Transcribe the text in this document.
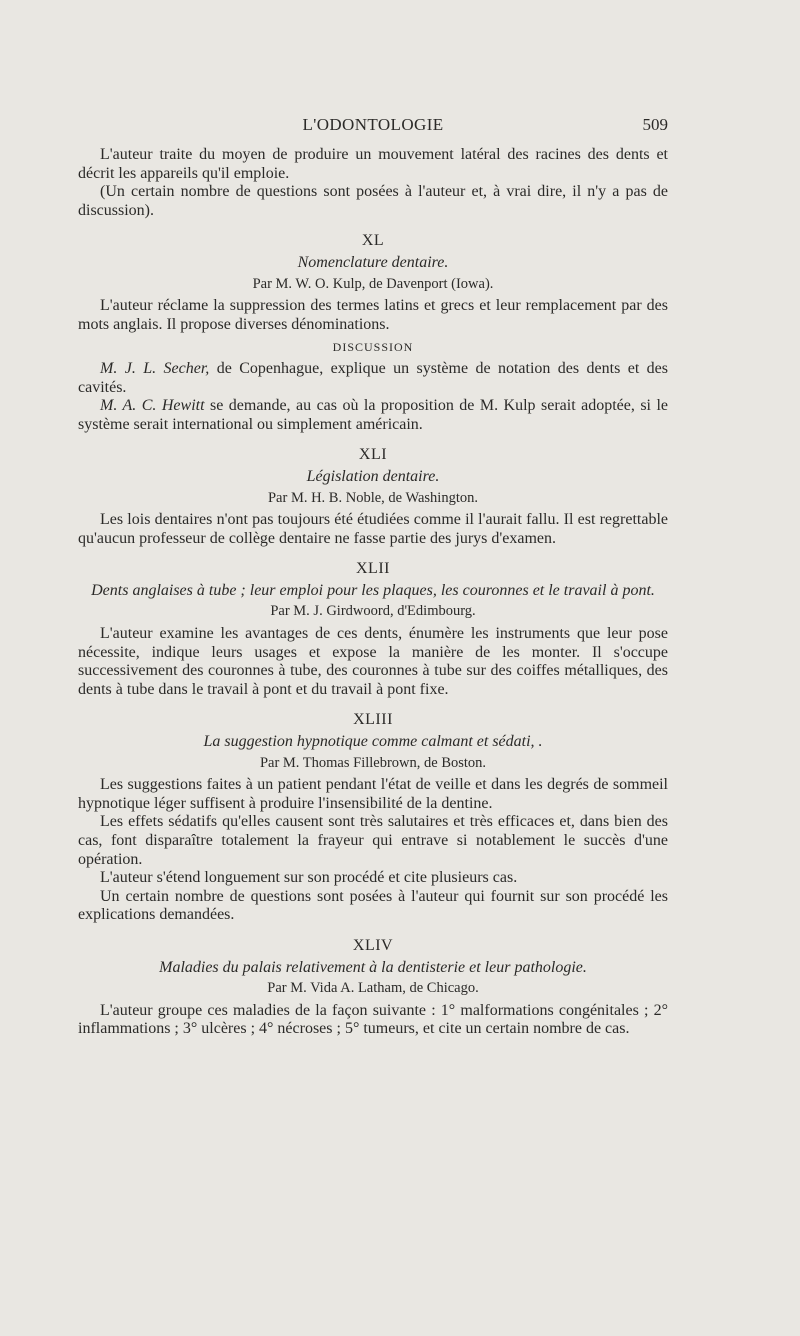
L'ODONTOLOGIE	509

L'auteur traite du moyen de produire un mouvement latéral des racines des dents et décrit les appareils qu'il emploie.

(Un certain nombre de questions sont posées à l'auteur et, à vrai dire, il n'y a pas de discussion).

XL
Nomenclature dentaire.
Par M. W. O. Kulp, de Davenport (Iowa).

L'auteur réclame la suppression des termes latins et grecs et leur remplacement par des mots anglais. Il propose diverses dénominations.

DISCUSSION

M. J. L. Secher, de Copenhague, explique un système de notation des dents et des cavités.

M. A. C. Hewitt se demande, au cas où la proposition de M. Kulp serait adoptée, si le système serait international ou simplement américain.

XLI
Législation dentaire.
Par M. H. B. Noble, de Washington.

Les lois dentaires n'ont pas toujours été étudiées comme il l'aurait fallu. Il est regrettable qu'aucun professeur de collège dentaire ne fasse partie des jurys d'examen.

XLII
Dents anglaises à tube ; leur emploi pour les plaques, les couronnes et le travail à pont.
Par M. J. Girdwoord, d'Edimbourg.

L'auteur examine les avantages de ces dents, énumère les instruments que leur pose nécessite, indique leurs usages et expose la manière de les monter. Il s'occupe successivement des couronnes à tube, des couronnes à tube sur des coiffes métalliques, des dents à tube dans le travail à pont et du travail à pont fixe.

XLIII
La suggestion hypnotique comme calmant et sédati, .
Par M. Thomas Fillebrown, de Boston.

Les suggestions faites à un patient pendant l'état de veille et dans les degrés de sommeil hypnotique léger suffisent à produire l'insensibilité de la dentine.

Les effets sédatifs qu'elles causent sont très salutaires et très efficaces et, dans bien des cas, font disparaître totalement la frayeur qui entrave si notablement le succès d'une opération.

L'auteur s'étend longuement sur son procédé et cite plusieurs cas.

Un certain nombre de questions sont posées à l'auteur qui fournit sur son procédé les explications demandées.

XLIV
Maladies du palais relativement à la dentisterie et leur pathologie.
Par M. Vida A. Latham, de Chicago.

L'auteur groupe ces maladies de la façon suivante : 1° malformations congénitales ; 2° inflammations ; 3° ulcères ; 4° nécroses ; 5° tumeurs, et cite un certain nombre de cas.
